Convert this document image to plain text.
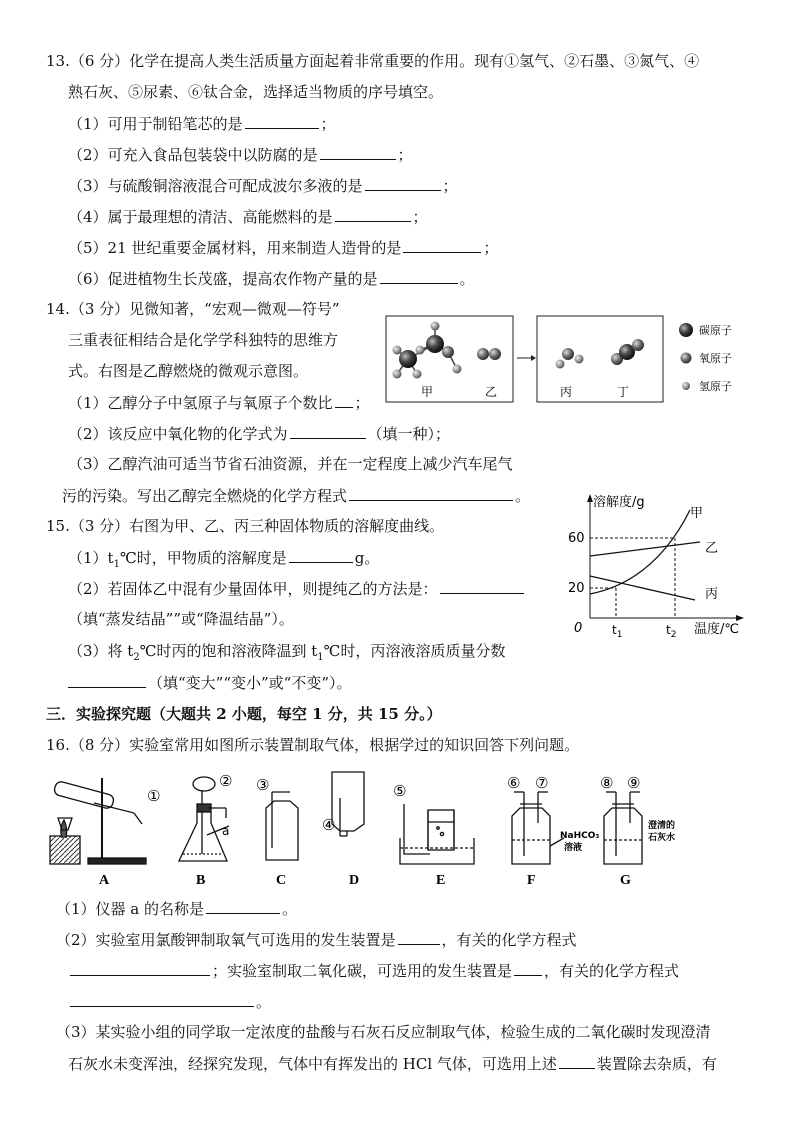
13.（6 分）化学在提高人类生活质量方面起着非常重要的作用。现有①氢气、②石墨、③氮气、④
熟石灰、⑤尿素、⑥钛合金，选择适当物质的序号填空。
（1）可用于制铅笔芯的是	；
（2）可充入食品包装袋中以防腐的是	；
（3）与硫酸铜溶液混合可配成波尔多液的是	；
（4）属于最理想的清洁、高能燃料的是	；
（5）21 世纪重要金属材料，用来制造人造骨的是	；
（6）促进植物生长茂盛，提高农作物产量的是	。
14.（3 分）见微知著，“宏观—微观—符号”
三重表征相结合是化学学科独特的思维方
式。右图是乙醇燃烧的微观示意图。
（1）乙醇分子中氢原子与氧原子个数比 ；
（2）该反应中氧化物的化学式为	（填一种）；
（3）乙醇汽油可适当节省石油资源，并在一定程度上减少汽车尾气
污的污染。写出乙醇完全燃烧的化学方程式	。
甲	乙	丙	丁
碳原子
氧原子
氢原子
15.（3 分）右图为甲、乙、丙三种固体物质的溶解度曲线。
$(1)t_1℃$时，甲物质的溶解度是	g。
（2）若固体乙中混有少量固体甲，则提纯乙的方法是：
（填“蒸发结晶””或“降温结晶”）。
（3）将 $t_2℃$时丙的饱和溶液降温到 $t_1℃$时，丙溶液溶质质量分数
（填“变大”“变小”或“不变”）。
溶解度/g
温度/℃
0
60
20
$t_1$	$t_2$
甲
乙
丙
三．实验探究题（大题共 2 小题，每空 1 分，共 15 分。）
16.（8 分）实验室常用如图所示装置制取气体，根据学过的知识回答下列问题。
①
②
a
③
④
⑤	⑥ ⑦
NaHCO₃
溶液
⑧ ⑨
澄清的
石灰水
A	B	C	D	E	F	G
（1）仪器 a 的名称是	。
（2）实验室用氯酸钾制取氧气可选用的发生装置是	，有关的化学方程式
；实验室制取二氧化碳，可选用的发生装置是 ，有关的化学方程式
。
（3）某实验小组的同学取一定浓度的盐酸与石灰石反应制取气体，检验生成的二氧化碳时发现澄清
石灰水未变浑浊，经探究发现，气体中有挥发出的 HCl 气体，可选用上述	装置除去杂质，有
